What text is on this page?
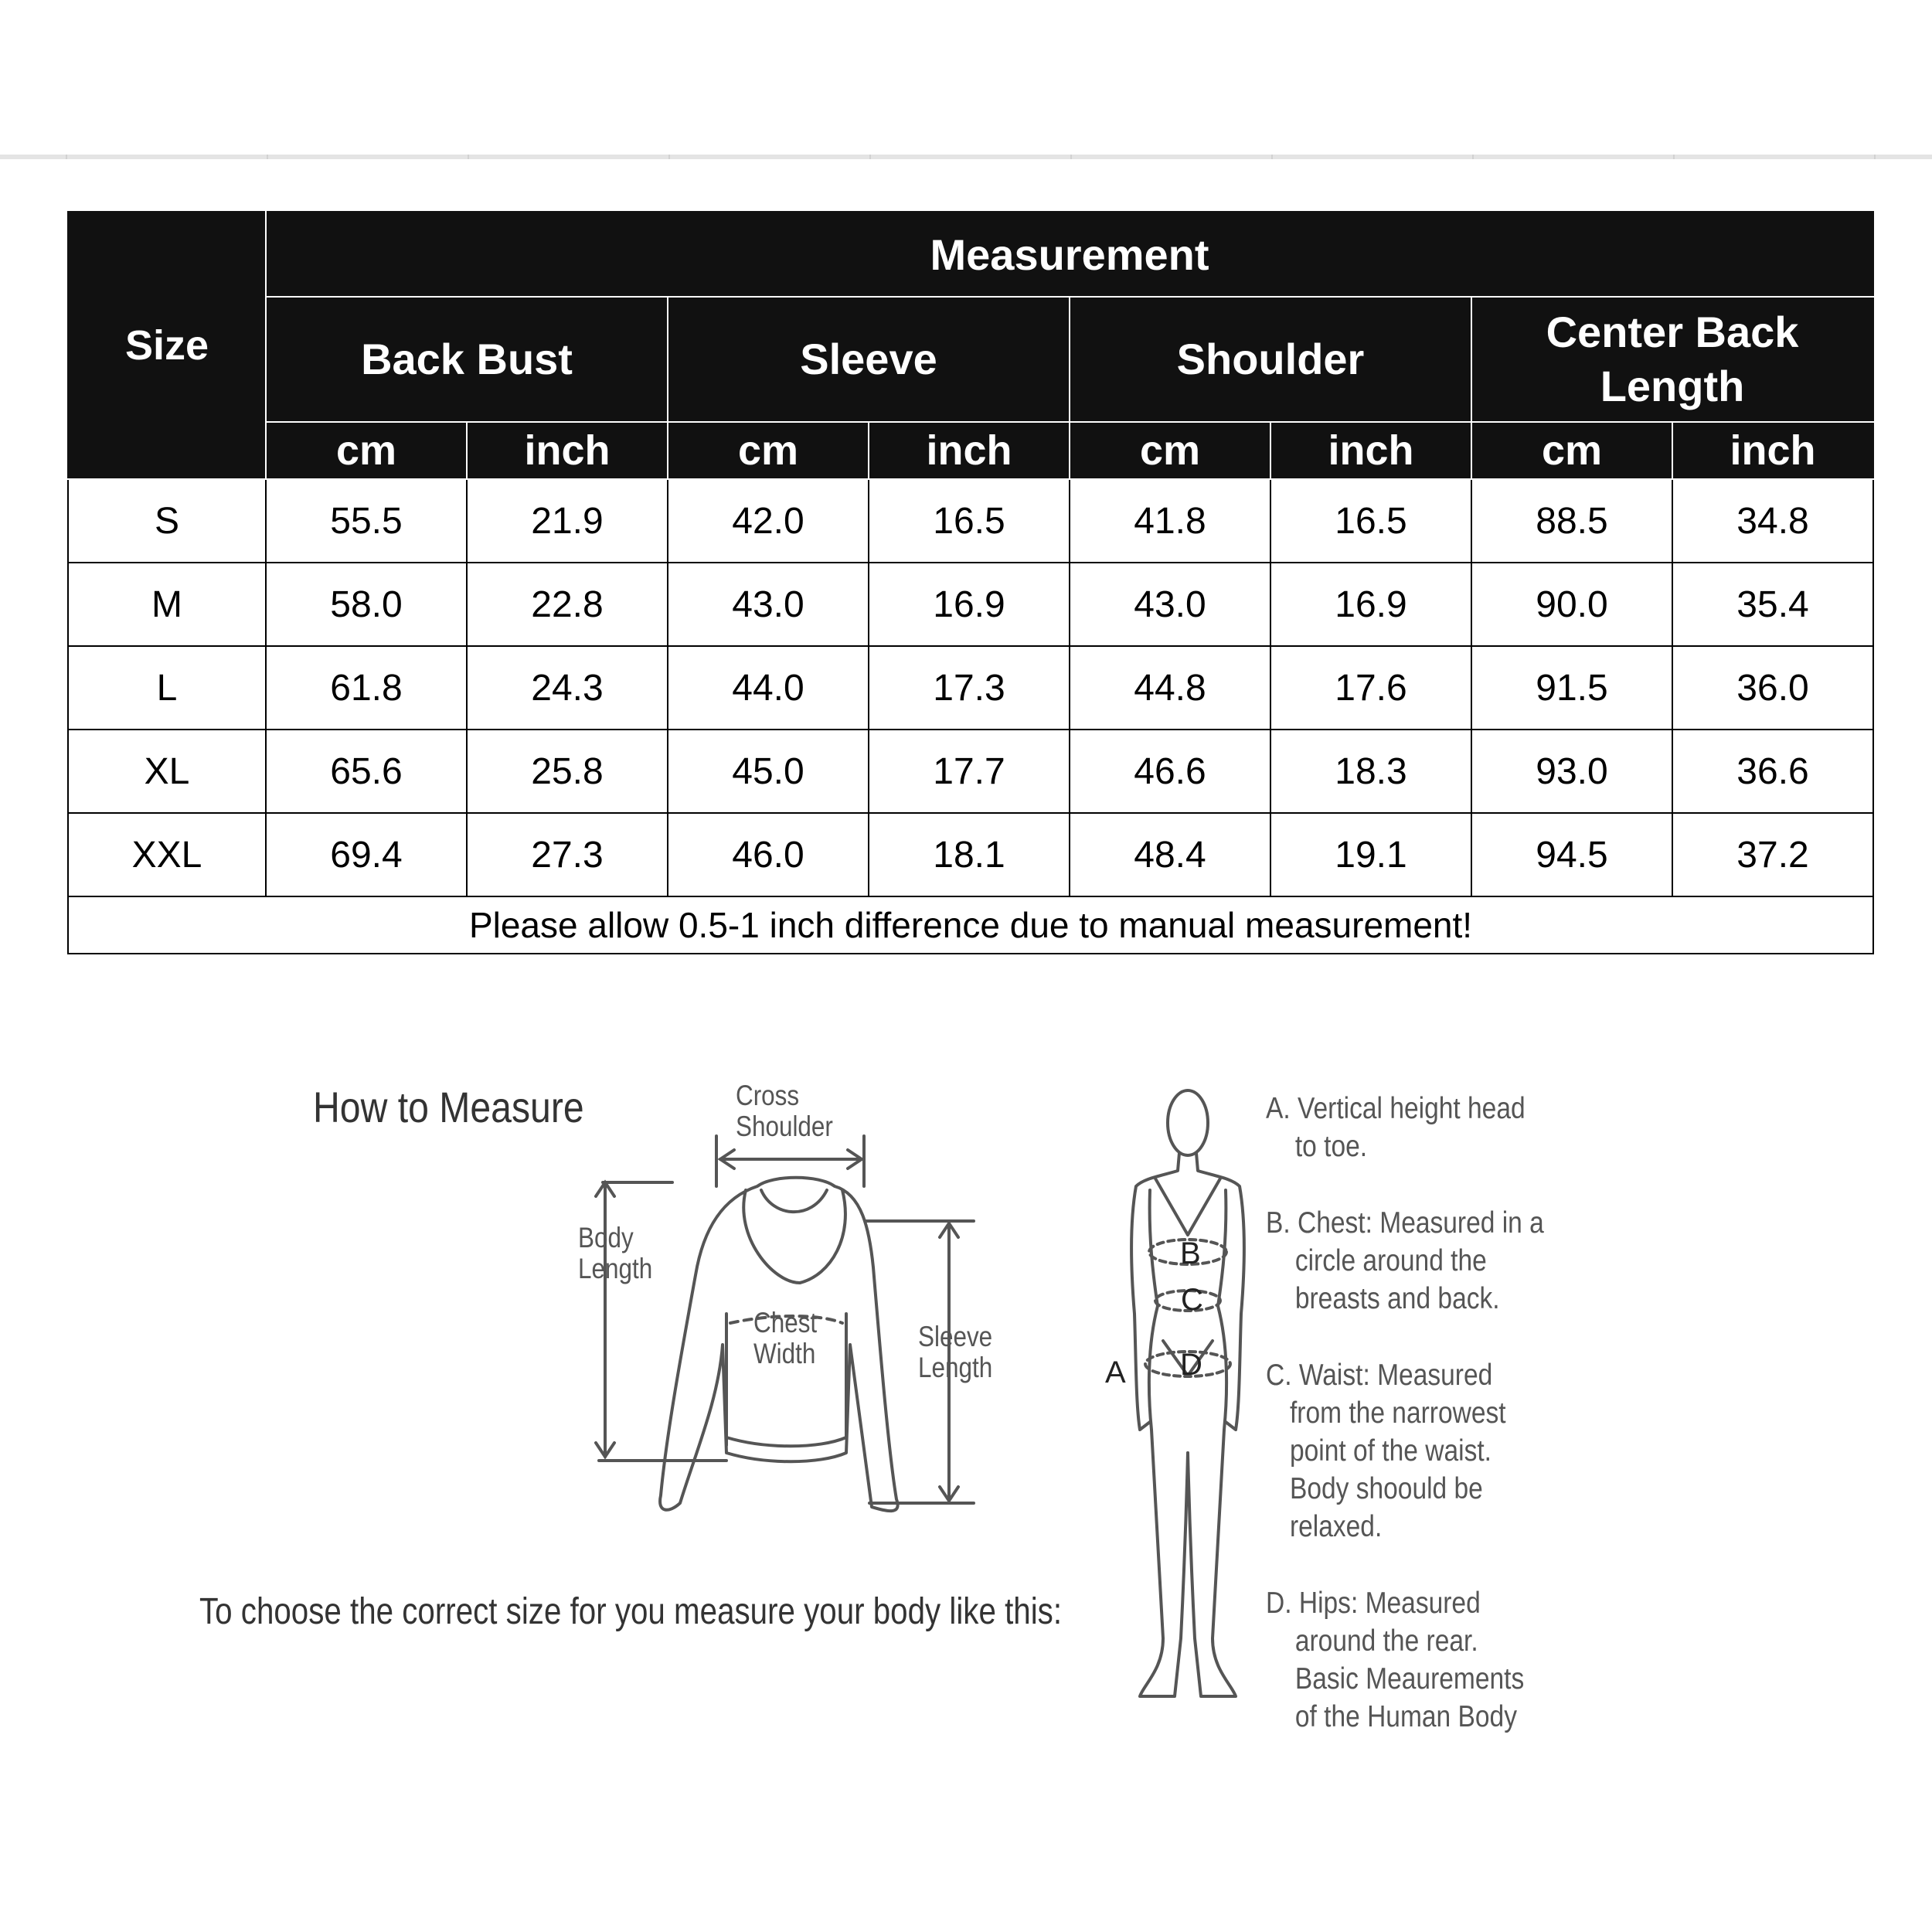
Size	Measurement							
	Back Bust		Sleeve		Shoulder		Center Back Length	
	cm	inch	cm	inch	cm	inch	cm	inch
S	55.5	21.9	42.0	16.5	41.8	16.5	88.5	34.8
M	58.0	22.8	43.0	16.9	43.0	16.9	90.0	35.4
L	61.8	24.3	44.0	17.3	44.8	17.6	91.5	36.0
XL	65.6	25.8	45.0	17.7	46.6	18.3	93.0	36.6
XXL	69.4	27.3	46.0	18.1	48.4	19.1	94.5	37.2
Please allow 0.5-1 inch difference due to manual measurement!								
How to Measure
To choose the correct size for you measure your body like this:
Cross
Shoulder
Body
Length
Chest
Width
Sleeve
Length	A
B
C
D
A. Vertical height head
to toe.
B. Chest: Measured in a
circle around the
breasts and back.
C. Waist: Measured
from the narrowest
point of the waist.
Body shoould be
relaxed.
D. Hips: Measured
around the rear.
Basic Meaurements
of the Human Body
